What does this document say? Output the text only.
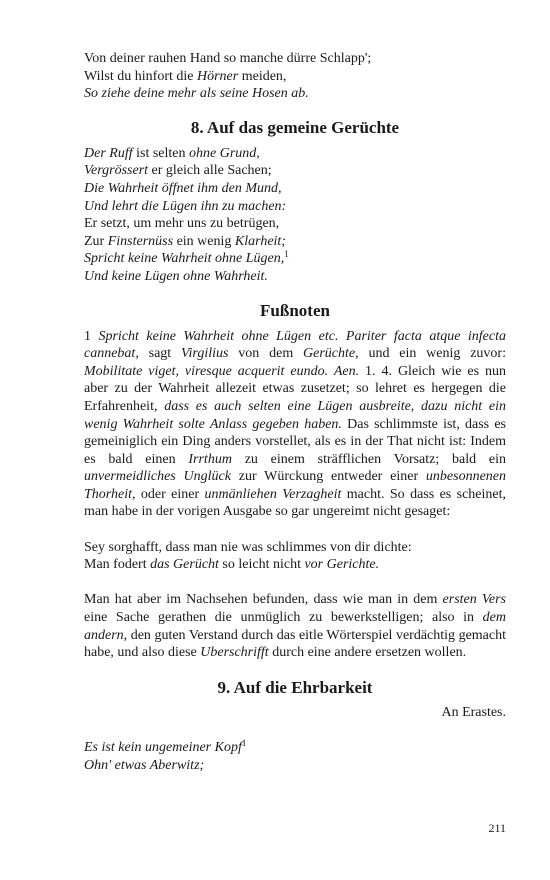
Von deiner rauhen Hand so manche dürre Schlapp';
Wilst du hinfort die Hörner meiden,
So ziehe deine mehr als seine Hosen ab.
8. Auf das gemeine Gerüchte
Der Ruff ist selten ohne Grund,
Vergrössert er gleich alle Sachen;
Die Wahrheit öffnet ihm den Mund,
Und lehrt die Lügen ihn zu machen:
Er setzt, um mehr uns zu betrügen,
Zur Finsternüss ein wenig Klarheit;
Spricht keine Wahrheit ohne Lügen,$^1$
Und keine Lügen ohne Wahrheit.
Fußnoten

1 Spricht keine Wahrheit ohne Lügen etc. Pariter facta atque infecta cannebat, sagt Virgilius von dem Gerüchte, und ein wenig zuvor: Mobilitate viget, viresque acquerit eundo. Aen. 1. 4. Gleich wie es nun aber zu der Wahrheit allezeit etwas zusetzet; so lehret es hergegen die Erfahrenheit, dass es auch selten eine Lügen ausbreite, dazu nicht ein wenig Wahrheit solte Anlass gegeben haben. Das schlimmste ist, dass es gemeiniglich ein Ding anders vorstellet, als es in der That nicht ist: Indem es bald einen Irrthum zu einem sträfflichen Vorsatz; bald ein unvermeidliches Unglück zur Würckung entweder einer unbesonnenen Thorheit, oder einer unmänliehen Verzagheit macht. So dass es scheinet, man habe in der vorigen Ausgabe so gar ungereimt nicht gesaget:

Sey sorghafft, dass man nie was schlimmes von dir dichte:
Man fodert das Gerücht so leicht nicht vor Gerichte.

Man hat aber im Nachsehen befunden, dass wie man in dem ersten Vers eine Sache gerathen die unmüglich zu bewerkstelligen; also in dem andern, den guten Verstand durch das eitle Wörterspiel verdächtig gemacht habe, und also diese Uberschrifft durch eine andere ersetzen wollen.

9. Auf die Ehrbarkeit
An Erastes.
Es ist kein ungemeiner Kopf$^1$
Ohn' etwas Aberwitz;
211
